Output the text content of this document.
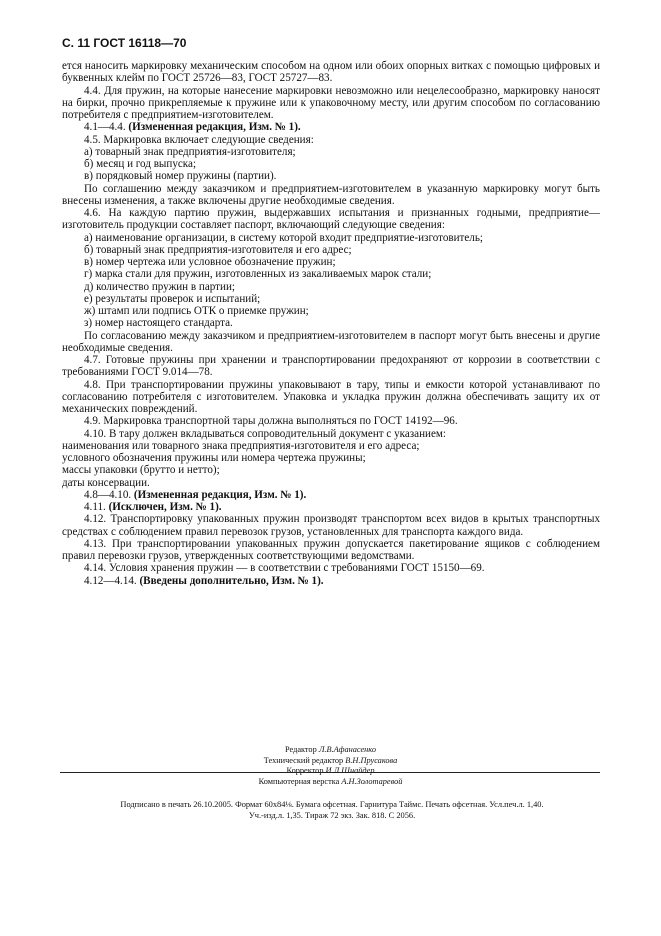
С. 11 ГОСТ 16118—70

ется наносить маркировку механическим способом на одном или обоих опорных витках с помощью цифровых и буквенных клейм по ГОСТ 25726—83, ГОСТ 25727—83.

4.4. Для пружин, на которые нанесение маркировки невозможно или нецелесообразно, маркировку наносят на бирки, прочно прикрепляемые к пружине или к упаковочному месту, или другим способом по согласованию потребителя с предприятием-изготовителем.

4.1—4.4. (Измененная редакция, Изм. № 1).

4.5. Маркировка включает следующие сведения:

а) товарный знак предприятия-изготовителя;

б) месяц и год выпуска;

в) порядковый номер пружины (партии).

По соглашению между заказчиком и предприятием-изготовителем в указанную маркировку могут быть внесены изменения, а также включены другие необходимые сведения.

4.6. На каждую партию пружин, выдержавших испытания и признанных годными, предприятие—изготовитель продукции составляет паспорт, включающий следующие сведения:

а) наименование организации, в систему которой входит предприятие-изготовитель;

б) товарный знак предприятия-изготовителя и его адрес;

в) номер чертежа или условное обозначение пружин;

г) марка стали для пружин, изготовленных из закаливаемых марок стали;

д) количество пружин в партии;

е) результаты проверок и испытаний;

ж) штамп или подпись ОТК о приемке пружин;

з) номер настоящего стандарта.

По согласованию между заказчиком и предприятием-изготовителем в паспорт могут быть внесены и другие необходимые сведения.

4.7. Готовые пружины при хранении и транспортировании предохраняют от коррозии в соответствии с требованиями ГОСТ 9.014—78.

4.8. При транспортировании пружины упаковывают в тару, типы и емкости которой устанавливают по согласованию потребителя с изготовителем. Упаковка и укладка пружин должна обеспечивать защиту их от механических повреждений.

4.9. Маркировка транспортной тары должна выполняться по ГОСТ 14192—96.

4.10. В тару должен вкладываться сопроводительный документ с указанием:

наименования или товарного знака предприятия-изготовителя и его адреса;

условного обозначения пружины или номера чертежа пружины;

массы упаковки (брутто и нетто);

даты консервации.

4.8—4.10. (Измененная редакция, Изм. № 1).

4.11. (Исключен, Изм. № 1).

4.12. Транспортировку упакованных пружин производят транспортом всех видов в крытых транспортных средствах с соблюдением правил перевозок грузов, установленных для транспорта каждого вида.

4.13. При транспортировании упакованных пружин допускается пакетирование ящиков с соблюдением правил перевозки грузов, утвержденных соответствующими ведомствами.

4.14. Условия хранения пружин — в соответствии с требованиями ГОСТ 15150—69.

4.12—4.14. (Введены дополнительно, Изм. № 1).

Редактор Л.В.Афанасенко
Технический редактор В.Н.Прусакова
Корректор И.Л.Шнайдер
Компьютерная верстка А.Н.Золотаревой
Подписано в печать 26.10.2005. Формат 60x84⅛. Бумага офсетная. Гарнитура Таймс. Печать офсетная. Усл.печ.л. 1,40.
Уч.-изд.л. 1,35. Тираж 72 экз. Зак. 818. С 2056.
